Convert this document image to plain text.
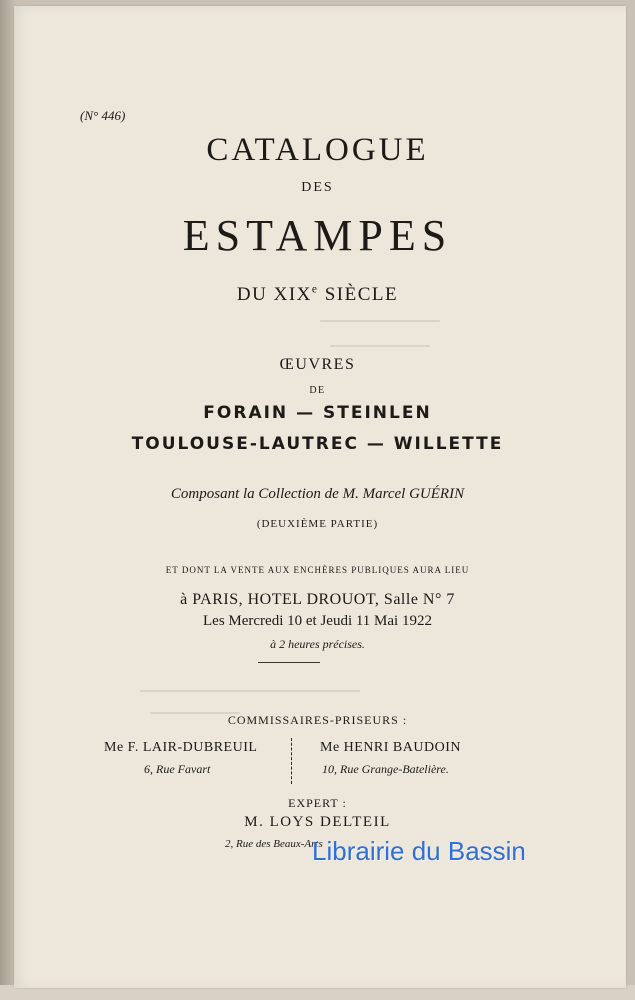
(N° 446)
CATALOGUE
DES
ESTAMPES
DU XIXe SIÈCLE
ŒUVRES
DE
FORAIN — STEINLEN
TOULOUSE-LAUTREC — WILLETTE
Composant la Collection de M. Marcel GUÉRIN
(DEUXIÈME PARTIE)
ET DONT LA VENTE AUX ENCHÈRES PUBLIQUES AURA LIEU
à PARIS, HOTEL DROUOT, Salle N° 7
Les Mercredi 10 et Jeudi 11 Mai 1922
à 2 heures précises.
COMMISSAIRES-PRISEURS :
Me F. LAIR-DUBREUIL
6, Rue Favart
Me HENRI BAUDOIN
10, Rue Grange-Batelière.
EXPERT :
M. LOYS DELTEIL
2, Rue des Beaux-Arts
Librairie du Bassin
